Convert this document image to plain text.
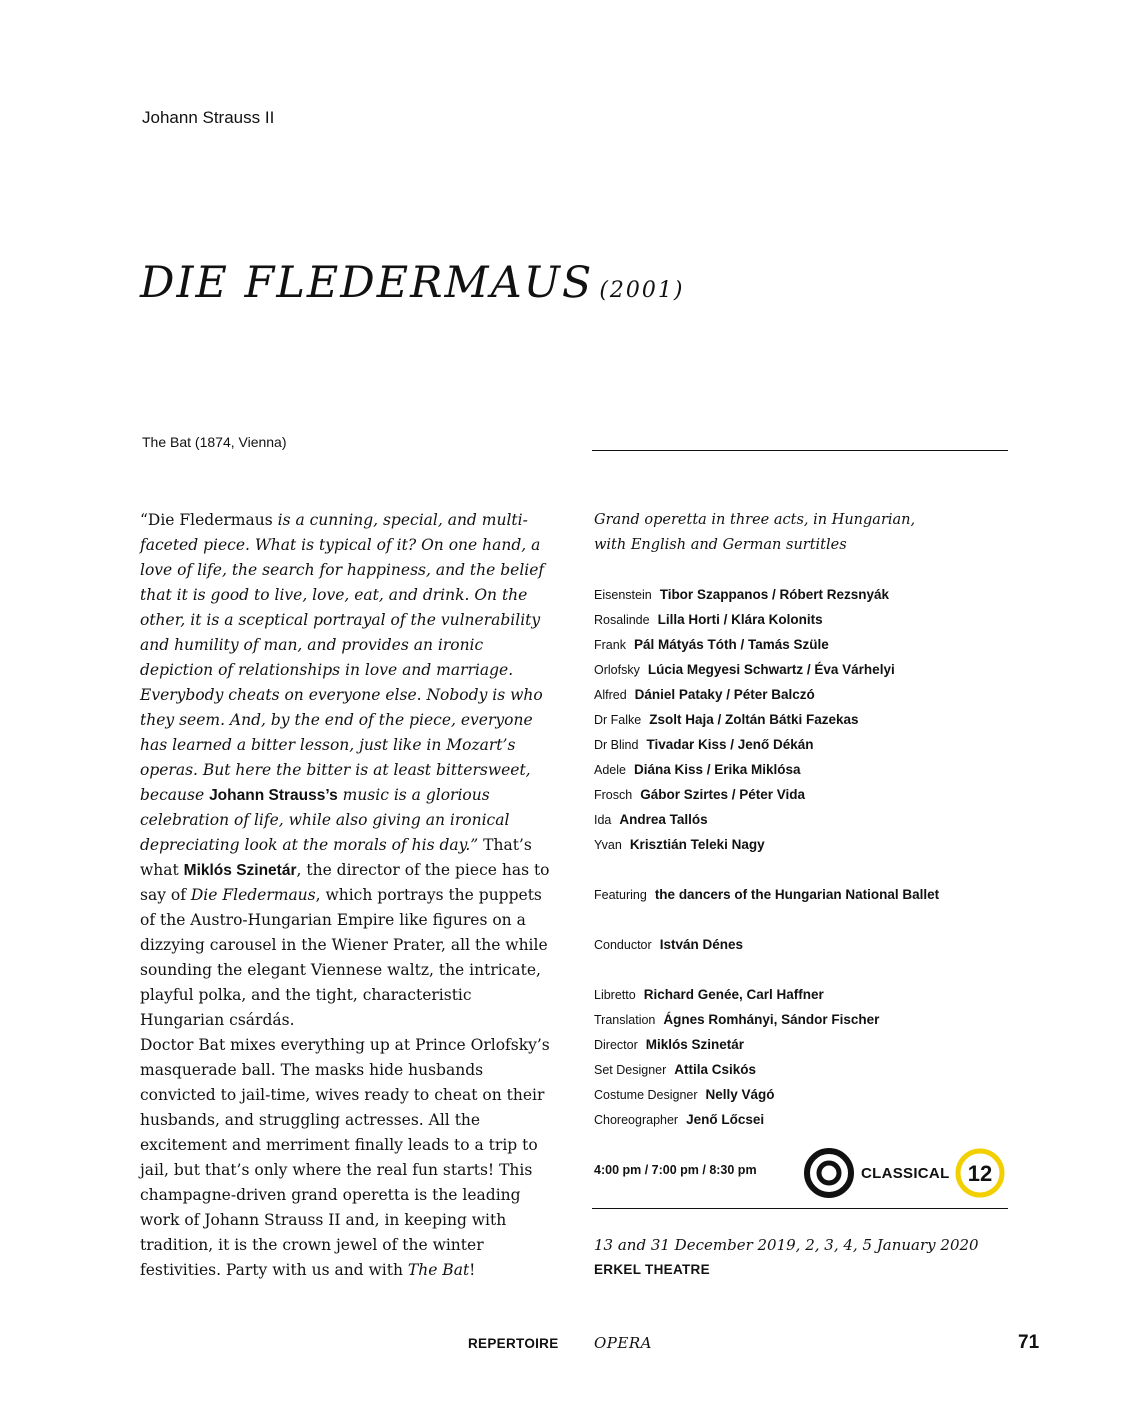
Johann Strauss II
DIE FLEDERMAUS (2001)
The Bat (1874, Vienna)

“Die Fledermaus is a cunning, special, and multi-faceted piece. What is typical of it? On one hand, a love of life, the search for happiness, and the belief that it is good to live, love, eat, and drink. On the other, it is a sceptical portrayal of the vulnerability and humility of man, and provides an ironic depiction of relationships in love and marriage. Everybody cheats on everyone else. Nobody is who they seem. And, by the end of the piece, everyone has learned a bitter lesson, just like in Mozart’s operas. But here the bitter is at least bittersweet, because Johann Strauss’s music is a glorious celebration of life, while also giving an ironical depreciating look at the morals of his day.” That’s what Miklós Szinetár, the director of the piece has to say of Die Fledermaus, which portrays the puppets of the Austro-Hungarian Empire like figures on a dizzying carousel in the Wiener Prater, all the while sounding the elegant Viennese waltz, the intricate, playful polka, and the tight, characteristic Hungarian csárdás.

Doctor Bat mixes everything up at Prince Orlofsky’s masquerade ball. The masks hide husbands convicted to jail-time, wives ready to cheat on their husbands, and struggling actresses. All the excitement and merriment finally leads to a trip to jail, but that’s only where the real fun starts! This champagne-driven grand operetta is the leading work of Johann Strauss II and, in keeping with tradition, it is the crown jewel of the winter festivities. Party with us and with The Bat!

Grand operetta in three acts, in Hungarian,
with English and German surtitles
Eisenstein Tibor Szappanos / Róbert Rezsnyák
Rosalinde Lilla Horti / Klára Kolonits
Frank Pál Mátyás Tóth / Tamás Szüle
Orlofsky Lúcia Megyesi Schwartz / Éva Várhelyi
Alfred Dániel Pataky / Péter Balczó
Dr Falke Zsolt Haja / Zoltán Bátki Fazekas
Dr Blind Tivadar Kiss / Jenő Dékán
Adele Diána Kiss / Erika Miklósa
Frosch Gábor Szirtes / Péter Vida
Ida Andrea Tallós
Yvan Krisztián Teleki Nagy
Featuring the dancers of the Hungarian National Ballet
Conductor István Dénes
Libretto Richard Genée, Carl Haffner
Translation Ágnes Romhányi, Sándor Fischer
Director Miklós Szinetár
Set Designer Attila Csikós
Costume Designer Nelly Vágó
Choreographer Jenő Lőcsei
4:00 pm / 7:00 pm / 8:30 pm	CLASSICAL 12
13 and 31 December 2019, 2, 3, 4, 5 January 2020
ERKEL THEATRE
REPERTOIRE OPERA	71
